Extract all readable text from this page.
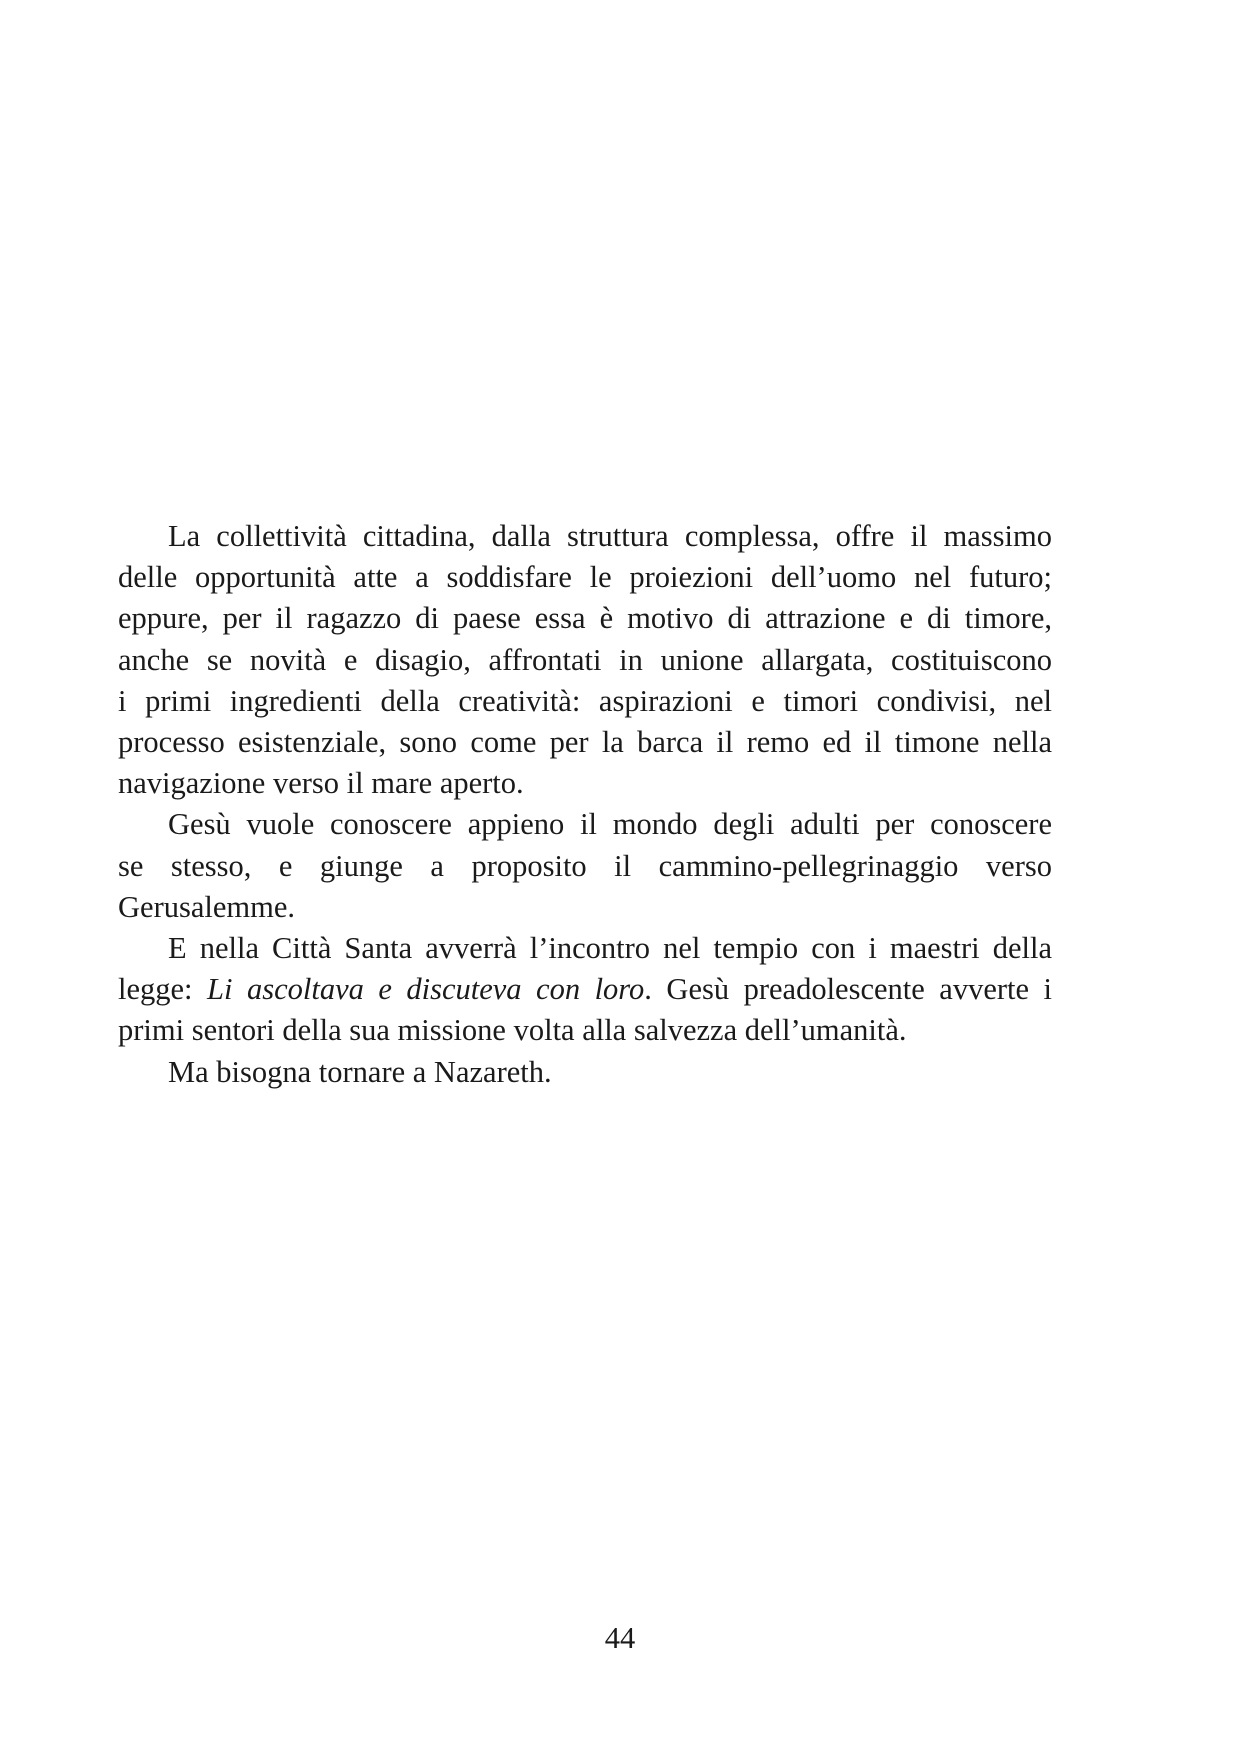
La collettività cittadina, dalla struttura complessa, offre il massimo
delle opportunità atte a soddisfare le proiezioni dell’uomo nel futuro;
eppure, per il ragazzo di paese essa è motivo di attrazione e di timore,
anche se novità e disagio, affrontati in unione allargata, costituiscono
i primi ingredienti della creatività: aspirazioni e timori condivisi, nel
processo esistenziale, sono come per la barca il remo ed il timone nella
navigazione verso il mare aperto.
Gesù vuole conoscere appieno il mondo degli adulti per conoscere
se stesso, e giunge a proposito il cammino-pellegrinaggio verso
Gerusalemme.
E nella Città Santa avverrà l’incontro nel tempio con i maestri della
legge: Li ascoltava e discuteva con loro. Gesù preadolescente avverte i
primi sentori della sua missione volta alla salvezza dell’umanità.
Ma bisogna tornare a Nazareth.
44
